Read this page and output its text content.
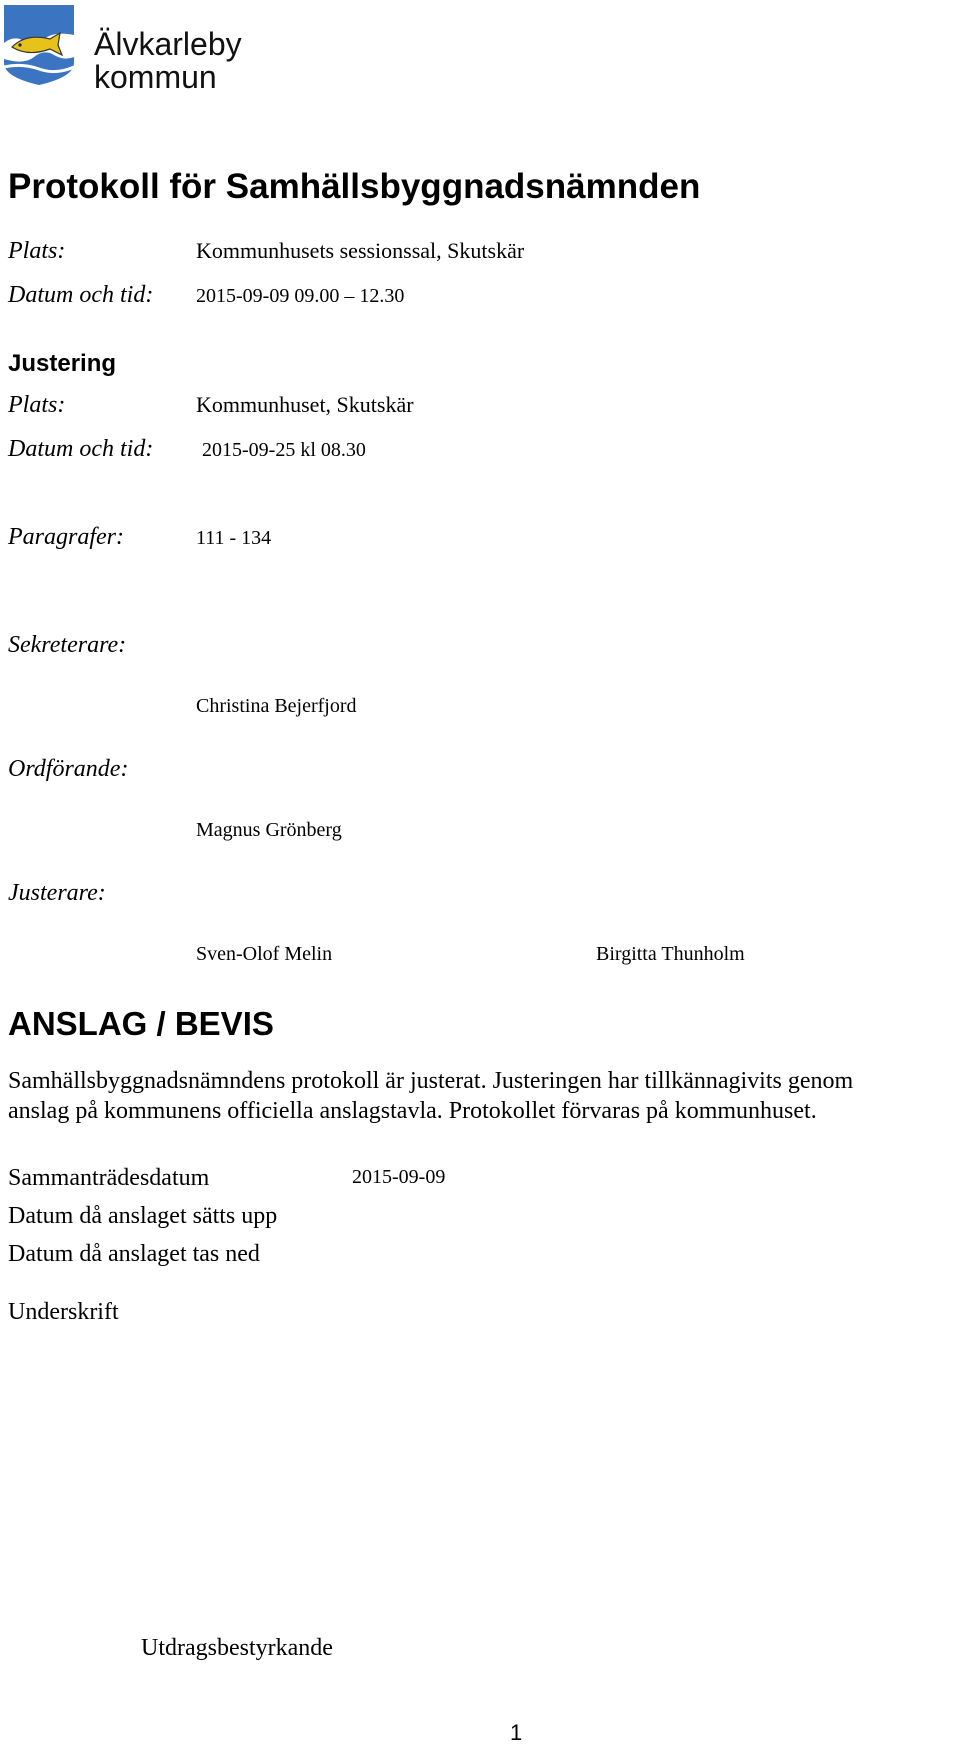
Älvkarleby
kommun
Protokoll för Samhällsbyggnadsnämnden
Plats:	Kommunhusets sessionssal, Skutskär
Datum och tid: 2015-09-09 09.00 – 12.30
Justering
Plats:	Kommunhuset, Skutskär
Datum och tid: 2015-09-25 kl 08.30
Paragrafer:	111 - 134
Sekreterare:
Christina Bejerfjord
Ordförande:
Magnus Grönberg
Justerare:
Sven-Olof Melin	Birgitta Thunholm
ANSLAG / BEVIS
Samhällsbyggnadsnämndens protokoll är justerat. Justeringen har tillkännagivits genom
anslag på kommunens officiella anslagstavla. Protokollet förvaras på kommunhuset.
Sammanträdesdatum	2015-09-09
Datum då anslaget sätts upp
Datum då anslaget tas ned
Underskrift
Utdragsbestyrkande
1
